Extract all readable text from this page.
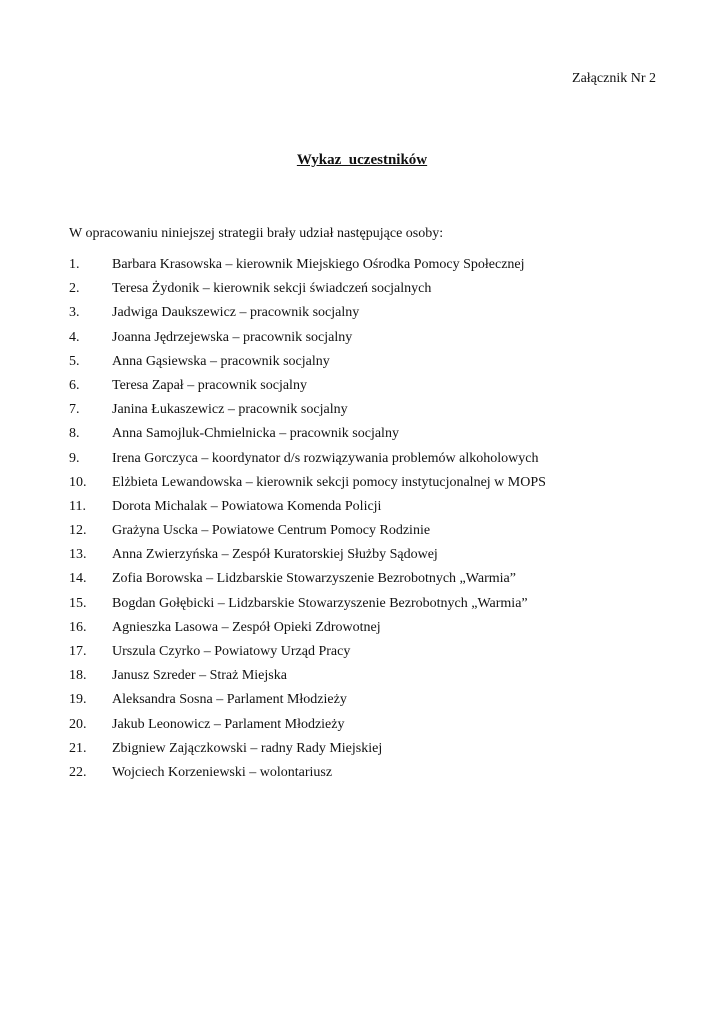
Załącznik Nr 2
Wykaz  uczestników
W opracowaniu niniejszej strategii brały udział następujące osoby:
1.	Barbara Krasowska – kierownik Miejskiego Ośrodka Pomocy Społecznej
2.	Teresa Żydonik – kierownik sekcji świadczeń socjalnych
3.	Jadwiga Daukszewicz – pracownik socjalny
4.	Joanna Jędrzejewska – pracownik socjalny
5.	Anna Gąsiewska – pracownik socjalny
6.	Teresa Zapał – pracownik socjalny
7.	Janina Łukaszewicz – pracownik socjalny
8.	Anna Samojluk-Chmielnicka – pracownik socjalny
9.	Irena Gorczyca – koordynator d/s rozwiązywania problemów alkoholowych
10.	Elżbieta Lewandowska – kierownik sekcji pomocy instytucjonalnej w MOPS
11.	Dorota Michalak – Powiatowa Komenda Policji
12.	Grażyna Uscka – Powiatowe Centrum Pomocy Rodzinie
13.	Anna Zwierzyńska – Zespół Kuratorskiej Służby Sądowej
14.	Zofia Borowska – Lidzbarskie Stowarzyszenie Bezrobotnych „Warmia”
15.	Bogdan Gołębicki – Lidzbarskie Stowarzyszenie Bezrobotnych „Warmia”
16.	Agnieszka Lasowa – Zespół Opieki Zdrowotnej
17.	Urszula Czyrko – Powiatowy Urząd Pracy
18.	Janusz Szreder – Straż Miejska
19.	Aleksandra Sosna – Parlament Młodzieży
20.	Jakub Leonowicz – Parlament Młodzieży
21.	Zbigniew Zajączkowski – radny Rady Miejskiej
22.	Wojciech Korzeniewski – wolontariusz
